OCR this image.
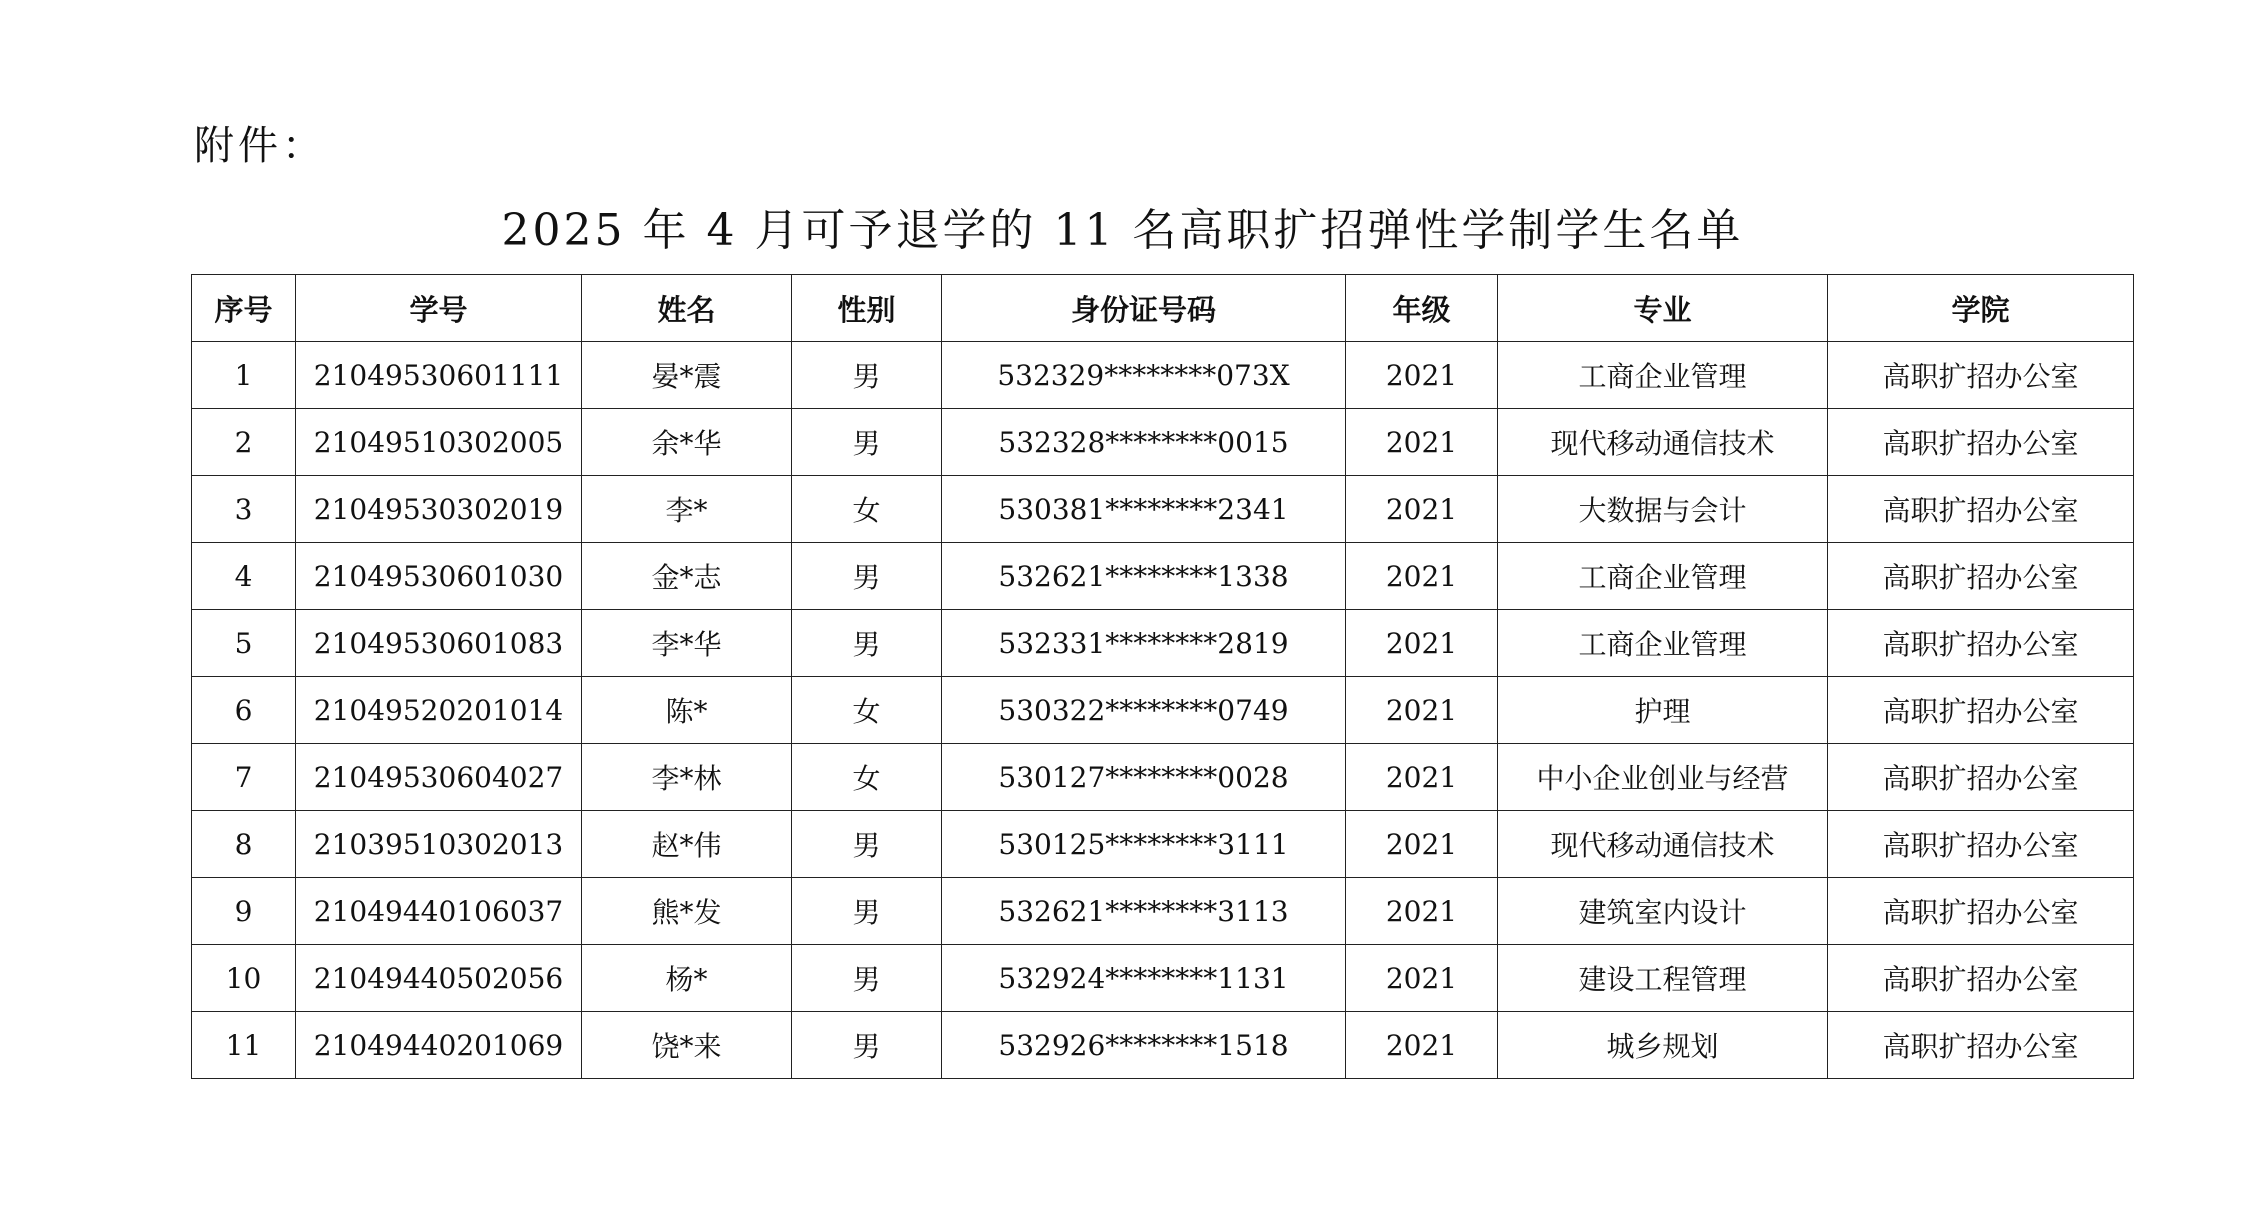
附件：
2025 年 4 月可予退学的 11 名高职扩招弹性学制学生名单
序号	学号	姓名	性别	身份证号码	年级	专业	学院
1	21049530601111	晏*震	男	532329********073X	2021	工商企业管理	高职扩招办公室
2	21049510302005	余*华	男	532328********0015	2021	现代移动通信技术	高职扩招办公室
3	21049530302019	李*	女	530381********2341	2021	大数据与会计	高职扩招办公室
4	21049530601030	金*志	男	532621********1338	2021	工商企业管理	高职扩招办公室
5	21049530601083	李*华	男	532331********2819	2021	工商企业管理	高职扩招办公室
6	21049520201014	陈*	女	530322********0749	2021	护理	高职扩招办公室
7	21049530604027	李*林	女	530127********0028	2021	中小企业创业与经营	高职扩招办公室
8	21039510302013	赵*伟	男	530125********3111	2021	现代移动通信技术	高职扩招办公室
9	21049440106037	熊*发	男	532621********3113	2021	建筑室内设计	高职扩招办公室
10	21049440502056	杨*	男	532924********1131	2021	建设工程管理	高职扩招办公室
11	21049440201069	饶*来	男	532926********1518	2021	城乡规划	高职扩招办公室
